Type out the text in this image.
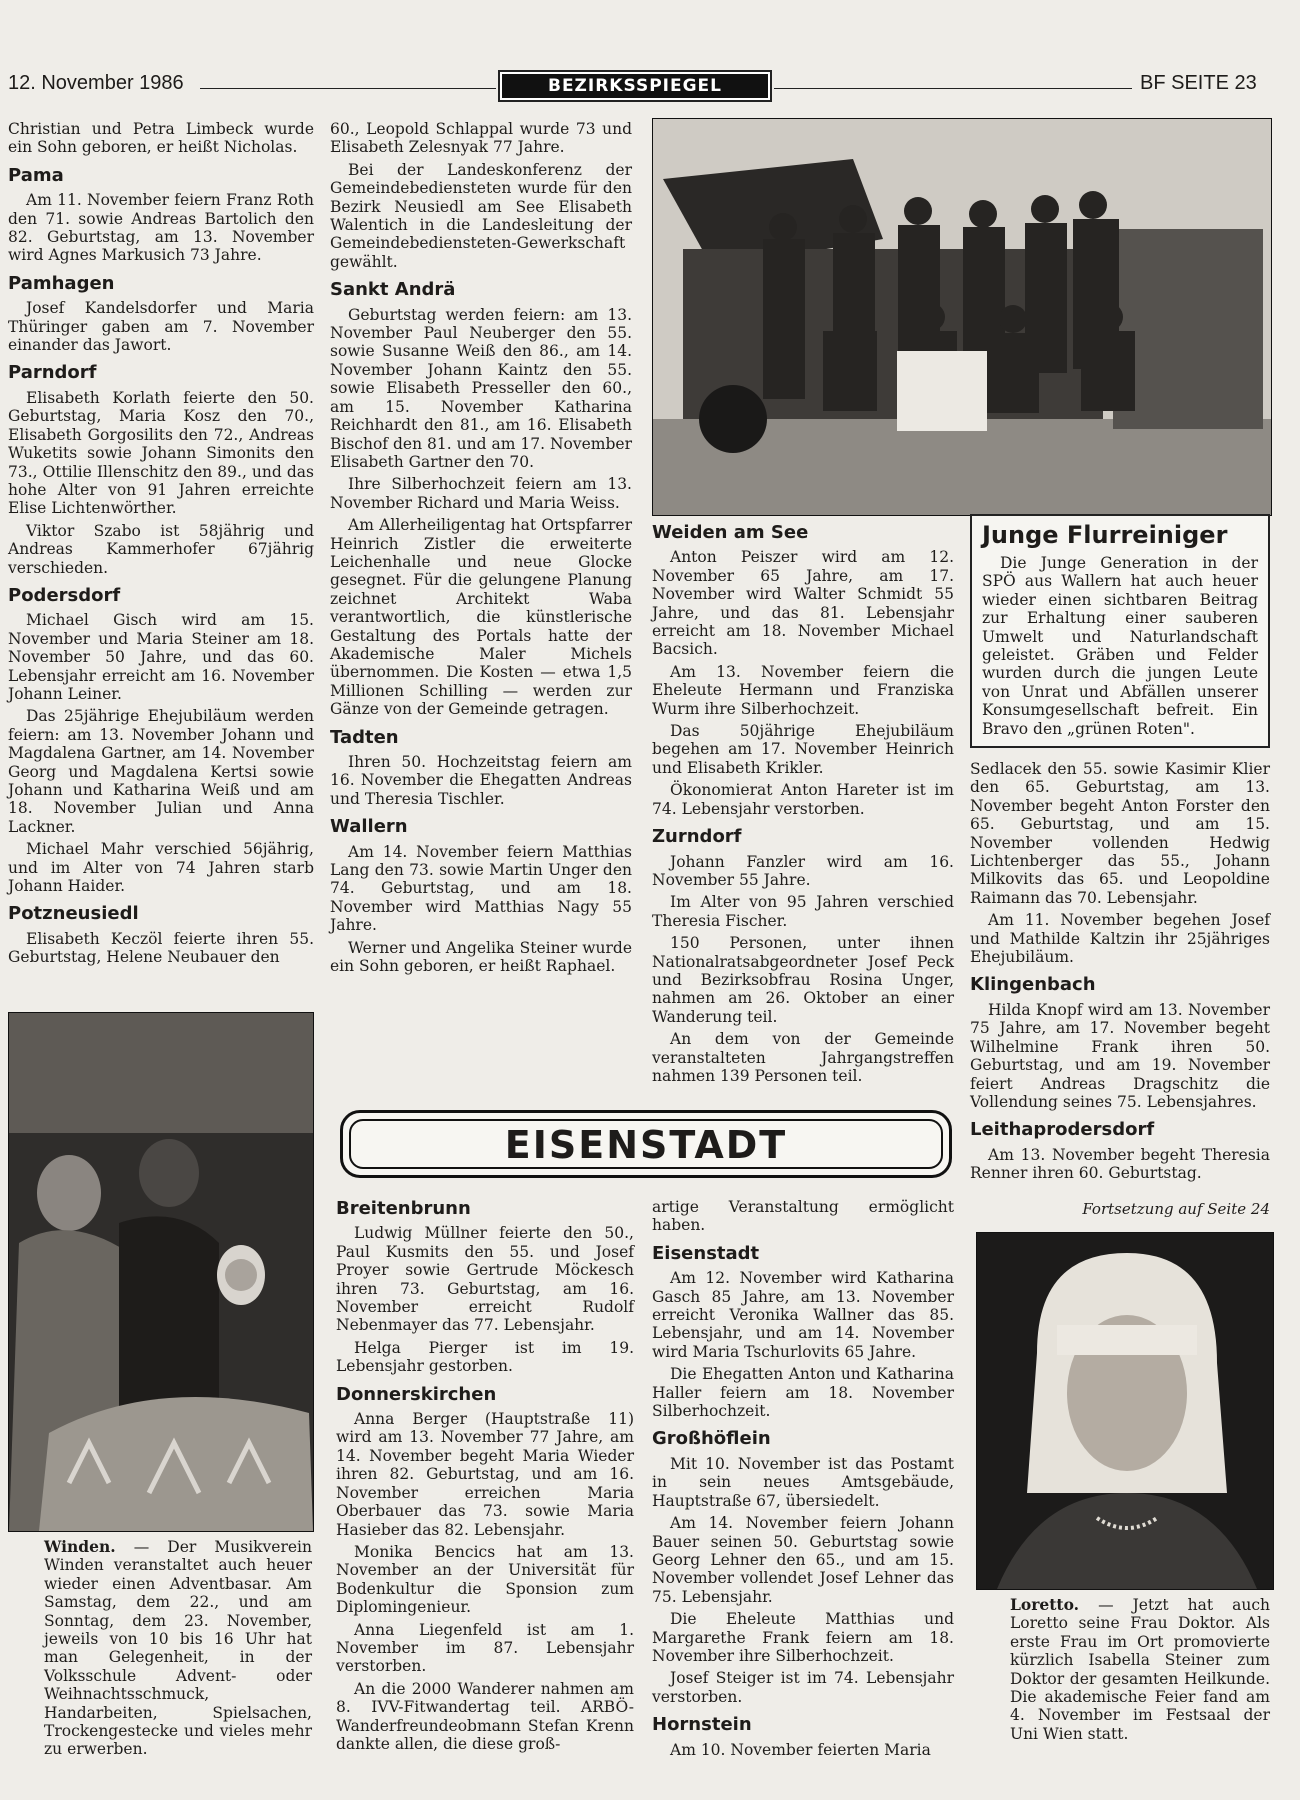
12. November 1986	BEZIRKSSPIEGEL	BF SEITE 23

Christian und Petra Limbeck wurde ein Sohn geboren, er heißt Nicholas.

Pama

Am 11. November feiern Franz Roth den 71. sowie Andreas Bartolich den 82. Geburtstag, am 13. November wird Agnes Markusich 73 Jahre.

Pamhagen

Josef Kandelsdorfer und Maria Thüringer gaben am 7. November einander das Jawort.

Parndorf

Elisabeth Korlath feierte den 50. Geburtstag, Maria Kosz den 70., Elisabeth Gorgosilits den 72., Andreas Wuketits sowie Johann Simonits den 73., Ottilie Illenschitz den 89., und das hohe Alter von 91 Jahren erreichte Elise Lichtenwörther.

Viktor Szabo ist 58jährig und Andreas Kammerhofer 67jährig verschieden.

Podersdorf

Michael Gisch wird am 15. November und Maria Steiner am 18. November 50 Jahre, und das 60. Lebensjahr erreicht am 16. November Johann Leiner.

Das 25jährige Ehejubiläum werden feiern: am 13. November Johann und Magdalena Gartner, am 14. November Georg und Magdalena Kertsi sowie Johann und Katharina Weiß und am 18. November Julian und Anna Lackner.

Michael Mahr verschied 56jährig, und im Alter von 74 Jahren starb Johann Haider.

Potzneusiedl

Elisabeth Keczöl feierte ihren 55. Geburtstag, Helene Neubauer den

Winden. — Der Musikverein Winden veranstaltet auch heuer wieder einen Adventbasar. Am Samstag, dem 22., und am Sonntag, dem 23. November, jeweils von 10 bis 16 Uhr hat man Gelegenheit, in der Volksschule Advent- oder Weihnachtsschmuck, Handarbeiten, Spielsachen, Trockengestecke und vieles mehr zu erwerben.

60., Leopold Schlappal wurde 73 und Elisabeth Zelesnyak 77 Jahre.

Bei der Landeskonferenz der Gemeindebediensteten wurde für den Bezirk Neusiedl am See Elisabeth Walentich in die Landesleitung der Gemeindebediensteten-Gewerkschaft gewählt.

Sankt Andrä

Geburtstag werden feiern: am 13. November Paul Neuberger den 55. sowie Susanne Weiß den 86., am 14. November Johann Kaintz den 55. sowie Elisabeth Presseller den 60., am 15. November Katharina Reichhardt den 81., am 16. Elisabeth Bischof den 81. und am 17. November Elisabeth Gartner den 70.

Ihre Silberhochzeit feiern am 13. November Richard und Maria Weiss.

Am Allerheiligentag hat Ortspfarrer Heinrich Zistler die erweiterte Leichenhalle und neue Glocke gesegnet. Für die gelungene Planung zeichnet Architekt Waba verantwortlich, die künstlerische Gestaltung des Portals hatte der Akademische Maler Michels übernommen. Die Kosten — etwa 1,5 Millionen Schilling — werden zur Gänze von der Gemeinde getragen.

Tadten

Ihren 50. Hochzeitstag feiern am 16. November die Ehegatten Andreas und Theresia Tischler.

Wallern

Am 14. November feiern Matthias Lang den 73. sowie Martin Unger den 74. Geburtstag, und am 18. November wird Matthias Nagy 55 Jahre.

Werner und Angelika Steiner wurde ein Sohn geboren, er heißt Raphael.

Weiden am See

Anton Peiszer wird am 12. November 65 Jahre, am 17. November wird Walter Schmidt 55 Jahre, und das 81. Lebensjahr erreicht am 18. November Michael Bacsich.

Am 13. November feiern die Eheleute Hermann und Franziska Wurm ihre Silberhochzeit.

Das 50jährige Ehejubiläum begehen am 17. November Heinrich und Elisabeth Krikler.

Ökonomierat Anton Hareter ist im 74. Lebensjahr verstorben.

Zurndorf

Johann Fanzler wird am 16. November 55 Jahre.

Im Alter von 95 Jahren verschied Theresia Fischer.

150 Personen, unter ihnen Nationalratsabgeordneter Josef Peck und Bezirksobfrau Rosina Unger, nahmen am 26. Oktober an einer Wanderung teil.

An dem von der Gemeinde veranstalteten Jahrgangstreffen nahmen 139 Personen teil.

Junge Flurreiniger
Die Junge Generation in der SPÖ aus Wallern hat auch heuer wieder einen sichtbaren Beitrag zur Erhaltung einer sauberen Umwelt und Naturlandschaft geleistet. Gräben und Felder wurden durch die jungen Leute von Unrat und Abfällen unserer Konsumgesellschaft befreit. Ein Bravo den „grünen Roten".

Sedlacek den 55. sowie Kasimir Klier den 65. Geburtstag, am 13. November begeht Anton Forster den 65. Geburtstag, und am 15. November vollenden Hedwig Lichtenberger das 55., Johann Milkovits das 65. und Leopoldine Raimann das 70. Lebensjahr.

Am 11. November begehen Josef und Mathilde Kaltzin ihr 25jähriges Ehejubiläum.

Klingenbach

Hilda Knopf wird am 13. November 75 Jahre, am 17. November begeht Wilhelmine Frank ihren 50. Geburtstag, und am 19. November feiert Andreas Dragschitz die Vollendung seines 75. Lebensjahres.

Leithaprodersdorf

Am 13. November begeht Theresia Renner ihren 60. Geburtstag.

Fortsetzung auf Seite 24
EISENSTADT
Breitenbrunn

Ludwig Müllner feierte den 50., Paul Kusmits den 55. und Josef Proyer sowie Gertrude Möckesch ihren 73. Geburtstag, am 16. November erreicht Rudolf Nebenmayer das 77. Lebensjahr.

Helga Pierger ist im 19. Lebensjahr gestorben.

Donnerskirchen

Anna Berger (Hauptstraße 11) wird am 13. November 77 Jahre, am 14. November begeht Maria Wieder ihren 82. Geburtstag, und am 16. November erreichen Maria Oberbauer das 73. sowie Maria Hasieber das 82. Lebensjahr.

Monika Bencics hat am 13. November an der Universität für Bodenkultur die Sponsion zum Diplomingenieur.

Anna Liegenfeld ist am 1. November im 87. Lebensjahr verstorben.

An die 2000 Wanderer nahmen am 8. IVV-Fitwandertag teil. ARBÖ-Wanderfreundeobmann Stefan Krenn dankte allen, die diese groß-

artige Veranstaltung ermöglicht haben.

Eisenstadt

Am 12. November wird Katharina Gasch 85 Jahre, am 13. November erreicht Veronika Wallner das 85. Lebensjahr, und am 14. November wird Maria Tschurlovits 65 Jahre.

Die Ehegatten Anton und Katharina Haller feiern am 18. November Silberhochzeit.

Großhöflein

Mit 10. November ist das Postamt in sein neues Amtsgebäude, Hauptstraße 67, übersiedelt.

Am 14. November feiern Johann Bauer seinen 50. Geburtstag sowie Georg Lehner den 65., und am 15. November vollendet Josef Lehner das 75. Lebensjahr.

Die Eheleute Matthias und Margarethe Frank feiern am 18. November ihre Silberhochzeit.

Josef Steiger ist im 74. Lebensjahr verstorben.

Hornstein

Am 10. November feierten Maria

Loretto. — Jetzt hat auch Loretto seine Frau Doktor. Als erste Frau im Ort promovierte kürzlich Isabella Steiner zum Doktor der gesamten Heilkunde. Die akademische Feier fand am 4. November im Festsaal der Uni Wien statt.
